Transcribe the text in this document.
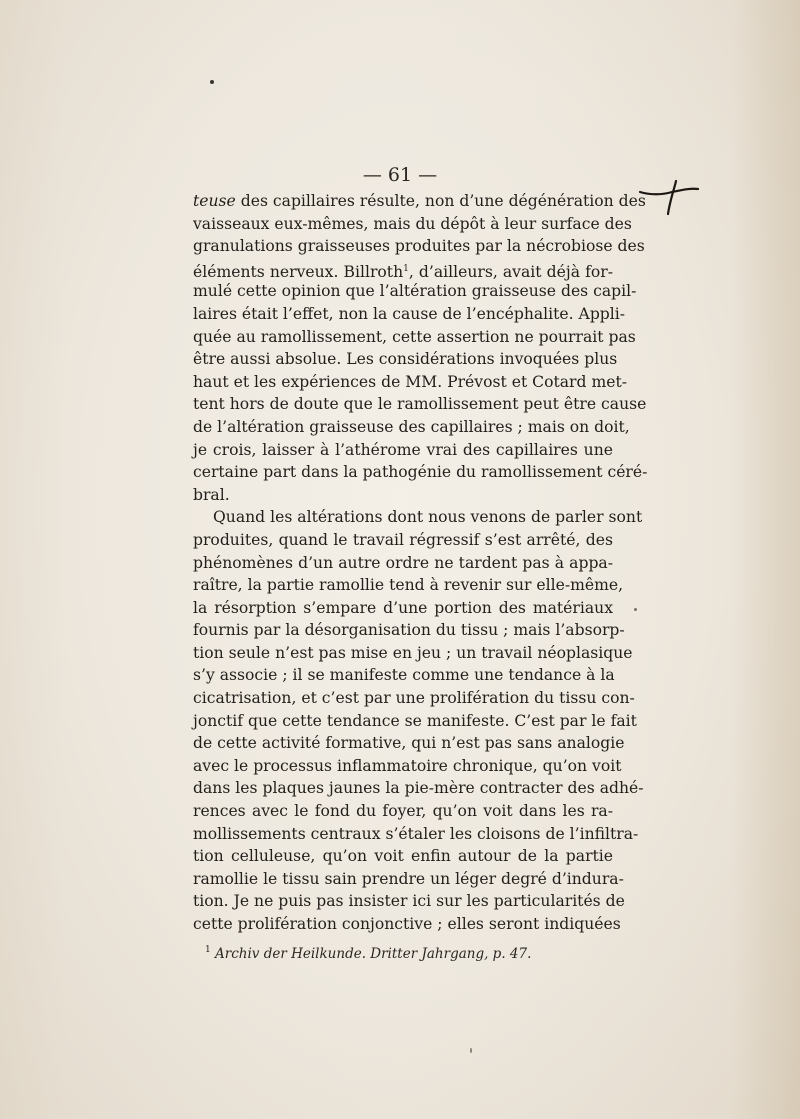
— 61 —
teuse des capillaires résulte, non d’une dégénération des
vaisseaux eux-mêmes, mais du dépôt à leur surface des
granulations graisseuses produites par la nécrobiose des
éléments nerveux. Billroth$^1$, d’ailleurs, avait déjà for-
mulé cette opinion que l’altération graisseuse des capil-
laires était l’effet, non la cause de l’encéphalite. Appli-
quée au ramollissement, cette assertion ne pourrait pas
être aussi absolue. Les considérations invoquées plus
haut et les expériences de MM. Prévost et Cotard met-
tent hors de doute que le ramollissement peut être cause
de l’altération graisseuse des capillaires ; mais on doit,
je crois, laisser à l’athérome vrai des capillaires une
certaine part dans la pathogénie du ramollissement céré-
bral.
Quand les altérations dont nous venons de parler sont
produites, quand le travail régressif s’est arrêté, des
phénomènes d’un autre ordre ne tardent pas à appa-
raître, la partie ramollie tend à revenir sur elle-même,
la résorption s’empare d’une portion des matériaux
fournis par la désorganisation du tissu ; mais l’absorp-
tion seule n’est pas mise en jeu ; un travail néoplasique
s’y associe ; il se manifeste comme une tendance à la
cicatrisation, et c’est par une prolifération du tissu con-
jonctif que cette tendance se manifeste. C’est par le fait
de cette activité formative, qui n’est pas sans analogie
avec le processus inflammatoire chronique, qu’on voit
dans les plaques jaunes la pie-mère contracter des adhé-
rences avec le fond du foyer, qu’on voit dans les ra-
mollissements centraux s’étaler les cloisons de l’infiltra-
tion celluleuse, qu’on voit enfin autour de la partie
ramollie le tissu sain prendre un léger degré d’indura-
tion. Je ne puis pas insister ici sur les particularités de
cette prolifération conjonctive ; elles seront indiquées
$^1$ Archiv der Heilkunde. Dritter Jahrgang, p. 47.
